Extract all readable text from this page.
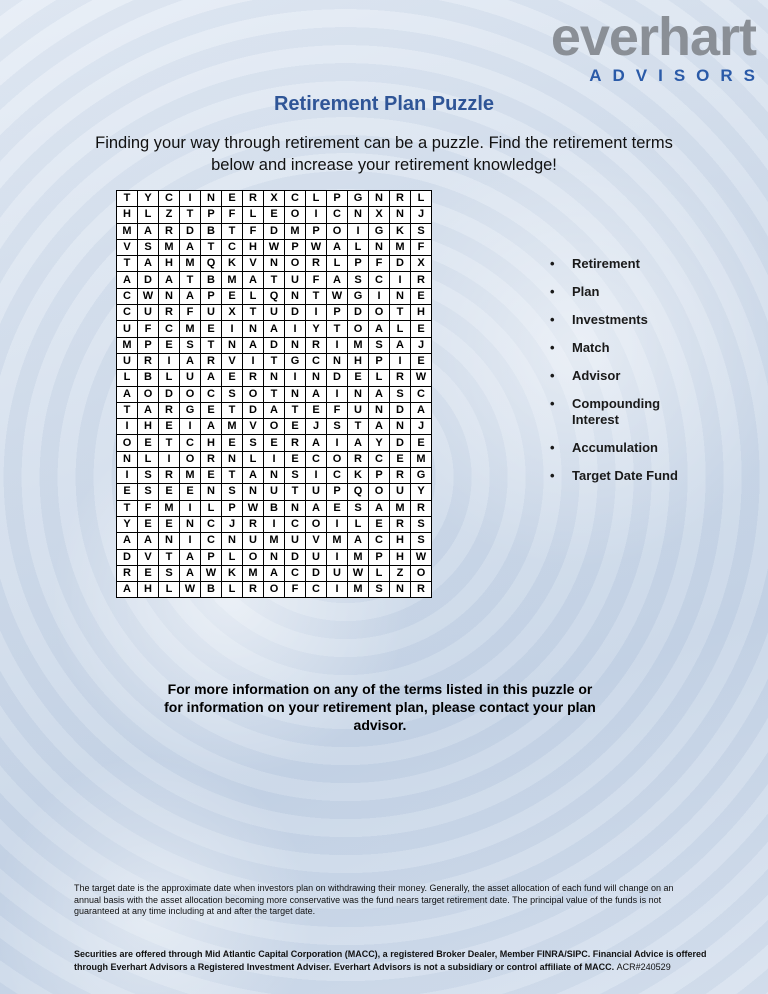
everhart
ADVISORS
Retirement Plan Puzzle
Finding your way through retirement can be a puzzle. Find the retirement terms below and increase your retirement knowledge!
T	Y	C	I	N	E	R	X	C	L	P	G	N	R	L
H	L	Z	T	P	F	L	E	O	I	C	N	X	N	J
M	A	R	D	B	T	F	D	M	P	O	I	G	K	S
V	S	M	A	T	C	H	W	P	W	A	L	N	M	F
T	A	H	M	Q	K	V	N	O	R	L	P	F	D	X
A	D	A	T	B	M	A	T	U	F	A	S	C	I	R
C	W	N	A	P	E	L	Q	N	T	W	G	I	N	E
C	U	R	F	U	X	T	U	D	I	P	D	O	T	H
U	F	C	M	E	I	N	A	I	Y	T	O	A	L	E
M	P	E	S	T	N	A	D	N	R	I	M	S	A	J
U	R	I	A	R	V	I	T	G	C	N	H	P	I	E
L	B	L	U	A	E	R	N	I	N	D	E	L	R	W
A	O	D	O	C	S	O	T	N	A	I	N	A	S	C
T	A	R	G	E	T	D	A	T	E	F	U	N	D	A
I	H	E	I	A	M	V	O	E	J	S	T	A	N	J
O	E	T	C	H	E	S	E	R	A	I	A	Y	D	E
N	L	I	O	R	N	L	I	E	C	O	R	C	E	M
I	S	R	M	E	T	A	N	S	I	C	K	P	R	G
E	S	E	E	N	S	N	U	T	U	P	Q	O	U	Y
T	F	M	I	L	P	W	B	N	A	E	S	A	M	R
Y	E	E	N	C	J	R	I	C	O	I	L	E	R	S
A	A	N	I	C	N	U	M	U	V	M	A	C	H	S
D	V	T	A	P	L	O	N	D	U	I	M	P	H	W
R	E	S	A	W	K	M	A	C	D	U	W	L	Z	O
A	H	L	W	B	L	R	O	F	C	I	M	S	N	R
•	Retirement
•	Plan
•	Investments
•	Match
•	Advisor
•	Compounding Interest
•	Accumulation
•	Target Date Fund
For more information on any of the terms listed in this puzzle or for information on your retirement plan, please contact your plan advisor.
The target date is the approximate date when investors plan on withdrawing their money. Generally, the asset allocation of each fund will change on an annual basis with the asset allocation becoming more conservative was the fund nears target retirement date. The principal value of the funds is not guaranteed at any time including at and after the target date.
Securities are offered through Mid Atlantic Capital Corporation (MACC), a registered Broker Dealer, Member FINRA/SIPC. Financial Advice is offered through Everhart Advisors a Registered Investment Adviser. Everhart Advisors is not a subsidiary or control affiliate of MACC. ACR#240529
